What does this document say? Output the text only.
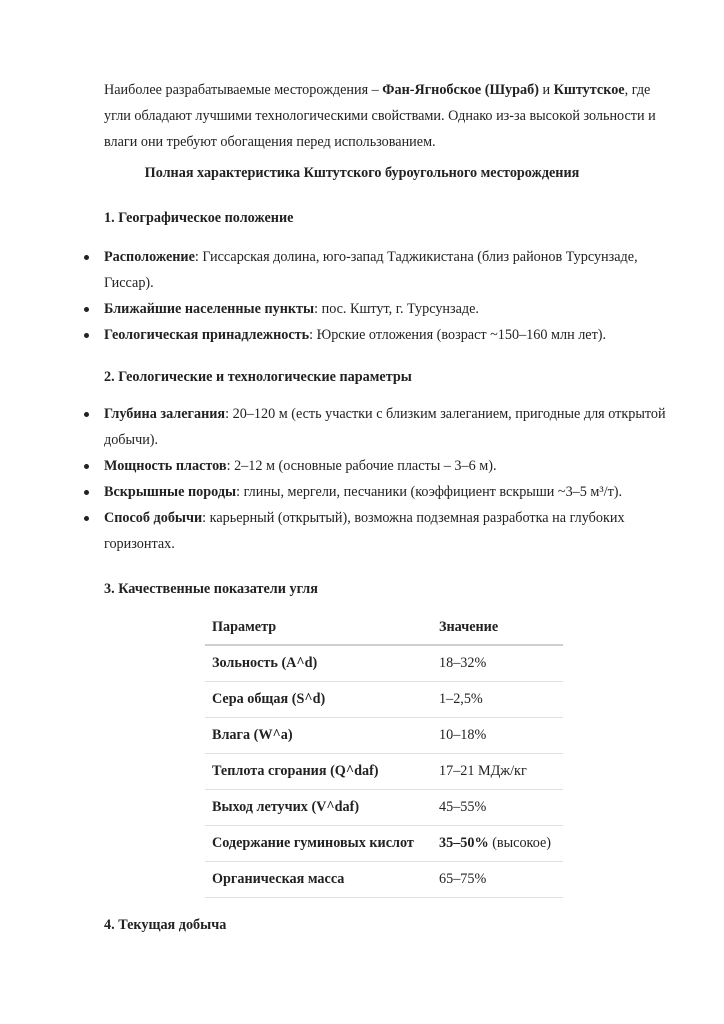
Наиболее разрабатываемые месторождения – Фан-Ягнобское (Шураб) и Кштутское, где угли обладают лучшими технологическими свойствами. Однако из-за высокой зольности и влаги они требуют обогащения перед использованием.

Полная характеристика Кштутского буроугольного месторождения

1. Географическое положение

Расположение: Гиссарская долина, юго-запад Таджикистана (близ районов Турсунзаде, Гиссар).
Ближайшие населенные пункты: пос. Кштут, г. Турсунзаде.
Геологическая принадлежность: Юрские отложения (возраст ~150–160 млн лет).

2. Геологические и технологические параметры

Глубина залегания: 20–120 м (есть участки с близким залеганием, пригодные для открытой добычи).
Мощность пластов: 2–12 м (основные рабочие пласты – 3–6 м).
Вскрышные породы: глины, мергели, песчаники (коэффициент вскрыши ~3–5 м³/т).
Способ добычи: карьерный (открытый), возможна подземная разработка на глубоких горизонтах.

3. Качественные показатели угля

Параметр	Значение
Зольность (A^d)	18–32%
Сера общая (S^d)	1–2,5%
Влага (W^a)	10–18%
Теплота сгорания (Q^daf)	17–21 МДж/кг
Выход летучих (V^daf)	45–55%
Содержание гуминовых кислот	35–50% (высокое)
Органическая масса	65–75%

4. Текущая добыча
